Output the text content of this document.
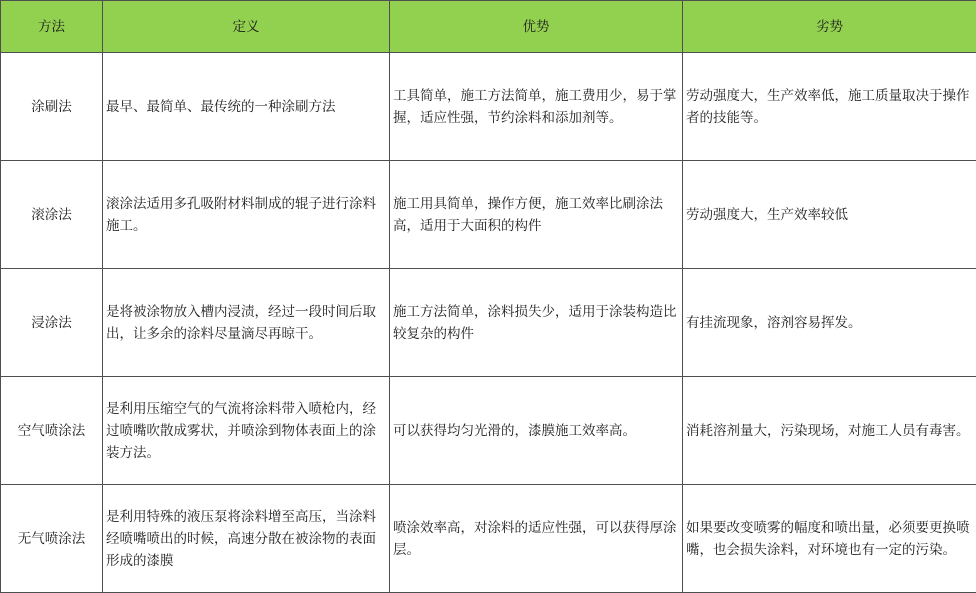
方法	定义	优势	劣势
涂刷法	最早、最简单、最传统的一种涂刷方法	工具简单，施工方法简单，施工费用少，易于掌握，适应性强，节约涂料和添加剂等。	劳动强度大，生产效率低，施工质量取决于操作者的技能等。
滚涂法	滚涂法适用多孔吸附材料制成的辊子进行涂料施工。	施工用具简单，操作方便，施工效率比刷涂法高，适用于大面积的构件	劳动强度大，生产效率较低
浸涂法	是将被涂物放入槽内浸渍，经过一段时间后取出，让多余的涂料尽量滴尽再晾干。	施工方法简单，涂料损失少，适用于涂装构造比较复杂的构件	有挂流现象，溶剂容易挥发。
空气喷涂法	是利用压缩空气的气流将涂料带入喷枪内，经过喷嘴吹散成雾状，并喷涂到物体表面上的涂装方法。	可以获得均匀光滑的，漆膜施工效率高。	消耗溶剂量大，污染现场，对施工人员有毒害。
无气喷涂法	是利用特殊的液压泵将涂料增至高压，当涂料经喷嘴喷出的时候，高速分散在被涂物的表面形成的漆膜	喷涂效率高，对涂料的适应性强，可以获得厚涂层。	如果要改变喷雾的幅度和喷出量，必须要更换喷嘴，也会损失涂料，对环境也有一定的污染。
